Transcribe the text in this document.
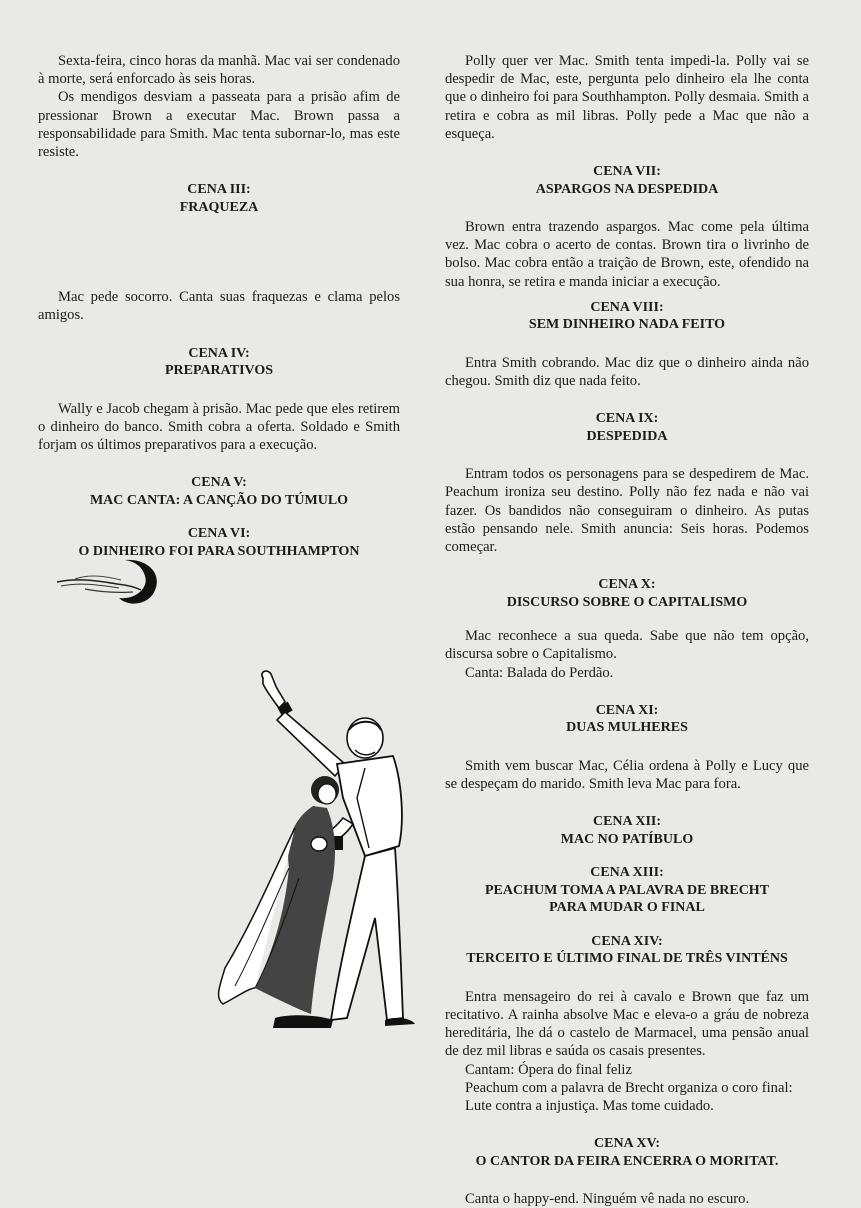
Sexta-feira, cinco horas da manhã. Mac vai ser condenado à morte, será enforcado às seis horas.

Os mendigos desviam a passeata para a prisão afim de pressionar Brown a executar Mac. Brown passa a responsabilidade para Smith. Mac tenta subornar-lo, mas este resiste.

CENA III:
FRAQUEZA

Mac pede socorro. Canta suas fraquezas e clama pelos amigos.

CENA IV:
PREPARATIVOS

Wally e Jacob chegam à prisão. Mac pede que eles retirem o dinheiro do banco. Smith cobra a oferta. Soldado e Smith forjam os últimos preparativos para a execução.

CENA V:
MAC CANTA: A CANÇÃO DO TÚMULO
CENA VI:
O DINHEIRO FOI PARA SOUTHHAMPTON

Polly quer ver Mac. Smith tenta impedi-la. Polly vai se despedir de Mac, este, pergunta pelo dinheiro ela lhe conta que o dinheiro foi para Southhampton. Polly desmaia. Smith a retira e cobra as mil libras. Polly pede a Mac que não a esqueça.

CENA VII:
ASPARGOS NA DESPEDIDA

Brown entra trazendo aspargos. Mac come pela última vez. Mac cobra o acerto de contas. Brown tira o livrinho de bolso. Mac cobra então a traição de Brown, este, ofendido na sua honra, se retira e manda iniciar a execução.

CENA VIII:
SEM DINHEIRO NADA FEITO

Entra Smith cobrando. Mac diz que o dinheiro ainda não chegou. Smith diz que nada feito.

CENA IX:
DESPEDIDA

Entram todos os personagens para se despedirem de Mac. Peachum ironiza seu destino. Polly não fez nada e não vai fazer. Os bandidos não conseguiram o dinheiro. As putas estão pensando nele. Smith anuncia: Seis horas. Podemos começar.

CENA X:
DISCURSO SOBRE O CAPITALISMO

Mac reconhece a sua queda. Sabe que não tem opção, discursa sobre o Capitalismo.

Canta: Balada do Perdão.

CENA XI:
DUAS MULHERES

Smith vem buscar Mac, Célia ordena à Polly e Lucy que se despeçam do marido. Smith leva Mac para fora.

CENA XII:
MAC NO PATÍBULO
CENA XIII:
PEACHUM TOMA A PALAVRA DE BRECHT
PARA MUDAR O FINAL
CENA XIV:
TERCEITO E ÚLTIMO FINAL DE TRÊS VINTÉNS

Entra mensageiro do rei à cavalo e Brown que faz um recitativo. A rainha absolve Mac e eleva-o a gráu de nobreza hereditária, lhe dá o castelo de Marmacel, uma pensão anual de dez mil libras e saúda os casais presentes.

Cantam: Ópera do final feliz

Peachum com a palavra de Brecht organiza o coro final:

Lute contra a injustiça. Mas tome cuidado.

CENA XV:
O CANTOR DA FEIRA ENCERRA O MORITAT.

Canta o happy-end. Ninguém vê nada no escuro.
